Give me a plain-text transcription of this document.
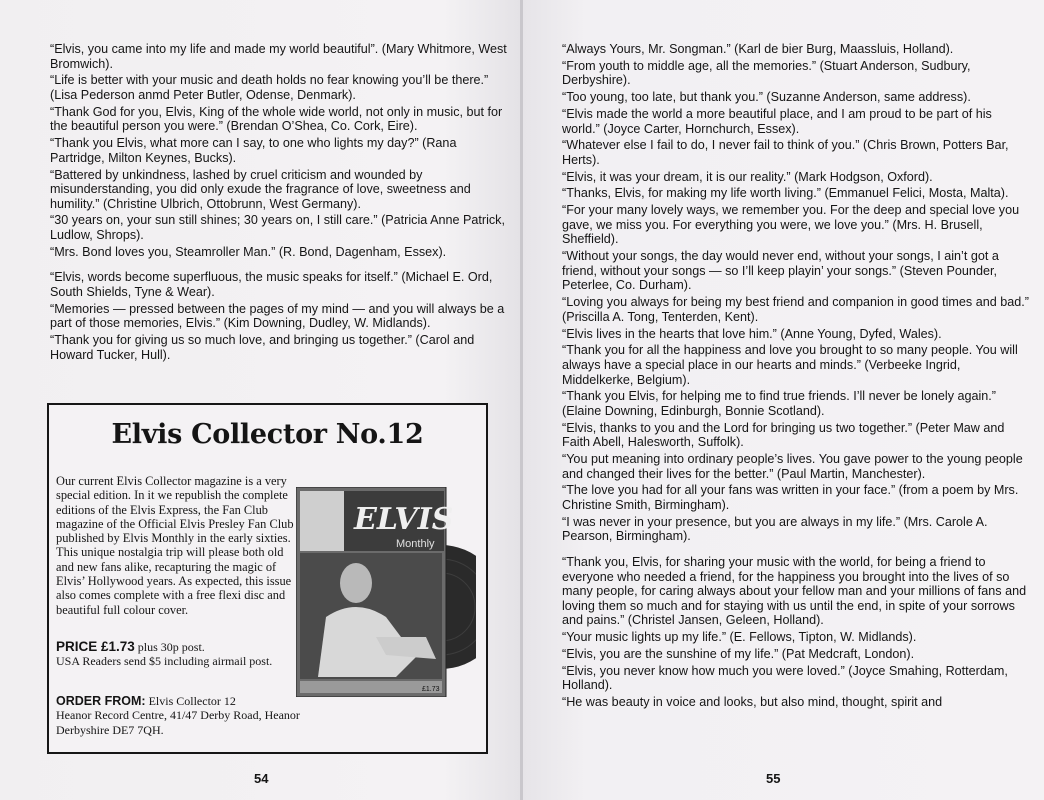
“Elvis, you came into my life and made my world beautiful”. (Mary Whitmore, West Bromwich).

“Life is better with your music and death holds no fear knowing you’ll be there.” (Lisa Pederson anmd Peter Butler, Odense, Denmark).

“Thank God for you, Elvis, King of the whole wide world, not only in music, but for the beautiful person you were.” (Brendan O’Shea, Co. Cork, Eire).

“Thank you Elvis, what more can I say, to one who lights my day?” (Rana Partridge, Milton Keynes, Bucks).

“Battered by unkindness, lashed by cruel criticism and wounded by misunderstanding, you did only exude the fragrance of love, sweetness and humility.” (Christine Ulbrich, Ottobrunn, West Germany).

“30 years on, your sun still shines; 30 years on, I still care.” (Patricia Anne Patrick, Ludlow, Shrops).

“Mrs. Bond loves you, Steamroller Man.” (R. Bond, Dagenham, Essex).

“Elvis, words become superfluous, the music speaks for itself.” (Michael E. Ord, South Shields, Tyne & Wear).

“Memories — pressed between the pages of my mind — and you will always be a part of those memories, Elvis.” (Kim Downing, Dudley, W. Midlands).

“Thank you for giving us so much love, and bringing us together.” (Carol and Howard Tucker, Hull).

Elvis Collector No.12
Our current Elvis Collector magazine is a very special edition. In it we republish the complete editions of the Elvis Express, the Fan Club magazine of the Official Elvis Presley Fan Club published by Elvis Monthly in the early sixties. This unique nostalgia trip will please both old and new fans alike, recapturing the magic of Elvis’ Hollywood years. As expected, this issue also comes complete with a free flexi disc and beautiful full colour cover.
ELVIS
Monthly
£1.73
PRICE £1.73 plus 30p post.
USA Readers send $5 including airmail post.
ORDER FROM: Elvis Collector 12
Heanor Record Centre, 41/47 Derby Road, Heanor
Derbyshire DE7 7QH.
54

“Always Yours, Mr. Songman.” (Karl de bier Burg, Maassluis, Holland).

“From youth to middle age, all the memories.” (Stuart Anderson, Sudbury, Derbyshire).

“Too young, too late, but thank you.” (Suzanne Anderson, same address).

“Elvis made the world a more beautiful place, and I am proud to be part of his world.” (Joyce Carter, Hornchurch, Essex).

“Whatever else I fail to do, I never fail to think of you.” (Chris Brown, Potters Bar, Herts).

“Elvis, it was your dream, it is our reality.” (Mark Hodgson, Oxford).

“Thanks, Elvis, for making my life worth living.” (Emmanuel Felici, Mosta, Malta).

“For your many lovely ways, we remember you. For the deep and special love you gave, we miss you. For everything you were, we love you.” (Mrs. H. Brusell, Sheffield).

“Without your songs, the day would never end, without your songs, I ain’t got a friend, without your songs — so I’ll keep playin’ your songs.” (Steven Pounder, Peterlee, Co. Durham).

“Loving you always for being my best friend and companion in good times and bad.” (Priscilla A. Tong, Tenterden, Kent).

“Elvis lives in the hearts that love him.” (Anne Young, Dyfed, Wales).

“Thank you for all the happiness and love you brought to so many people. You will always have a special place in our hearts and minds.” (Verbeeke Ingrid, Middelkerke, Belgium).

“Thank you Elvis, for helping me to find true friends. I’ll never be lonely again.” (Elaine Downing, Edinburgh, Bonnie Scotland).

“Elvis, thanks to you and the Lord for bringing us two together.” (Peter Maw and Faith Abell, Halesworth, Suffolk).

“You put meaning into ordinary people’s lives. You gave power to the young people and changed their lives for the better.” (Paul Martin, Manchester).

“The love you had for all your fans was written in your face.” (from a poem by Mrs. Christine Smith, Birmingham).

“I was never in your presence, but you are always in my life.” (Mrs. Carole A. Pearson, Birmingham).

“Thank you, Elvis, for sharing your music with the world, for being a friend to everyone who needed a friend, for the happiness you brought into the lives of so many people, for caring always about your fellow man and your millions of fans and loving them so much and for staying with us until the end, in spite of your sorrows and pains.” (Christel Jansen, Geleen, Holland).

“Your music lights up my life.” (E. Fellows, Tipton, W. Midlands).

“Elvis, you are the sunshine of my life.” (Pat Medcraft, London).

“Elvis, you never know how much you were loved.” (Joyce Smahing, Rotterdam, Holland).

“He was beauty in voice and looks, but also mind, thought, spirit and

55
